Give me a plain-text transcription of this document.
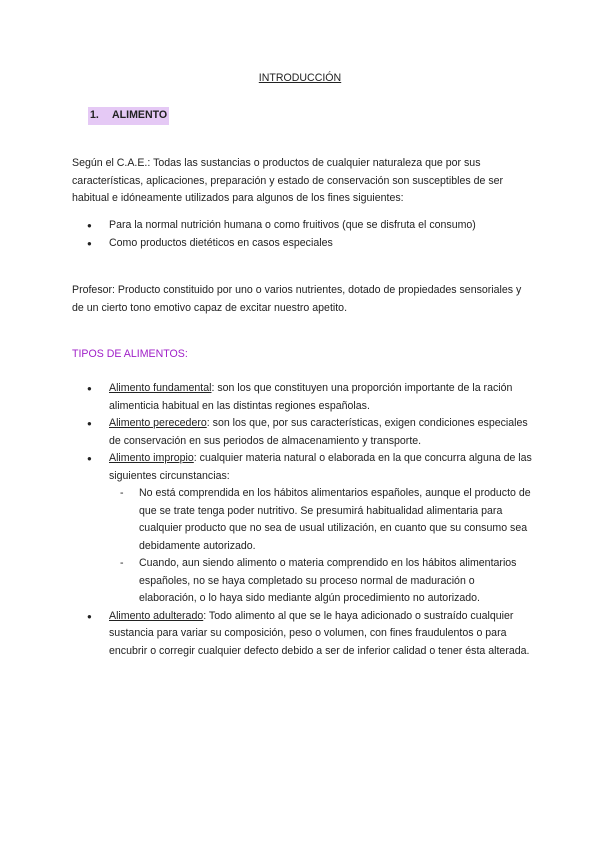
INTRODUCCIÓN
1. ALIMENTO
Según el C.A.E.: Todas las sustancias o productos de cualquier naturaleza que por sus características, aplicaciones, preparación y estado de conservación son susceptibles de ser habitual e idóneamente utilizados para algunos de los fines siguientes:
● Para la normal nutrición humana o como fruitivos (que se disfruta el consumo)
● Como productos dietéticos en casos especiales
Profesor: Producto constituido por uno o varios nutrientes, dotado de propiedades sensoriales y de un cierto tono emotivo capaz de excitar nuestro apetito.
TIPOS DE ALIMENTOS:
● Alimento fundamental: son los que constituyen una proporción importante de la ración alimenticia habitual en las distintas regiones españolas.
● Alimento perecedero: son los que, por sus características, exigen condiciones especiales de conservación en sus periodos de almacenamiento y transporte.
● Alimento impropio: cualquier materia natural o elaborada en la que concurra alguna de las siguientes circunstancias:
- No está comprendida en los hábitos alimentarios españoles, aunque el producto de que se trate tenga poder nutritivo. Se presumirá habitualidad alimentaria para cualquier producto que no sea de usual utilización, en cuanto que su consumo sea debidamente autorizado.
- Cuando, aun siendo alimento o materia comprendido en los hábitos alimentarios españoles, no se haya completado su proceso normal de maduración o elaboración, o lo haya sido mediante algún procedimiento no autorizado.
● Alimento adulterado: Todo alimento al que se le haya adicionado o sustraído cualquier sustancia para variar su composición, peso o volumen, con fines fraudulentos o para encubrir o corregir cualquier defecto debido a ser de inferior calidad o tener ésta alterada.
